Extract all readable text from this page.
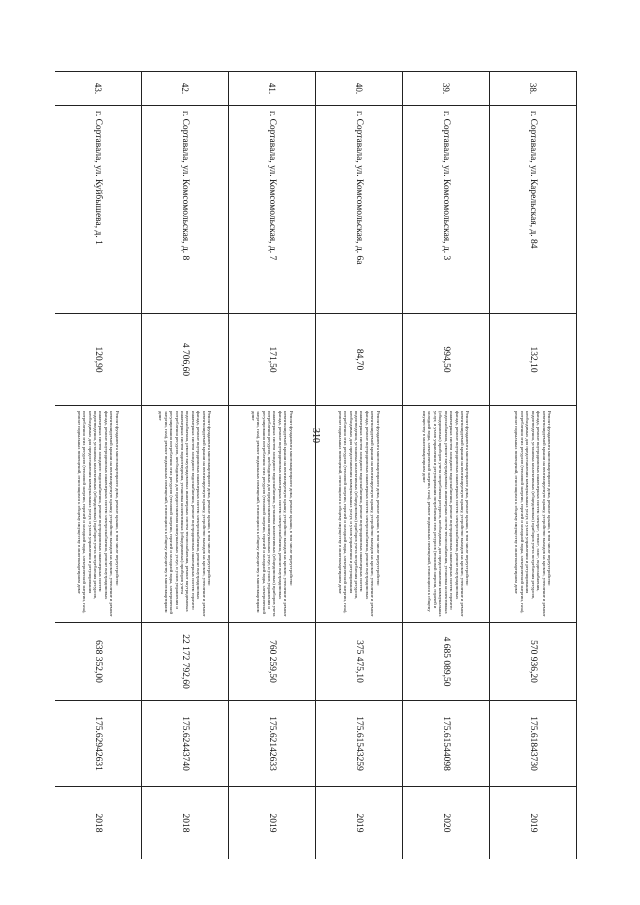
310
38.	г. Сортавала, ул. Карельская, д. 84	132,10	Ремонт фундамента многоквартирного дома, ремонт крыши, в том числе переустройство невентилируемой крыши на вентилируемую крышу, устройство выходов на кровлю, утепление и ремонт фасада, ремонт внутридомовых инженерных систем электро-, тепло-, газо-, водоснабжения, водоотведения, установка коллективных (общедомовых) приборов учета потребления ресурсов, необходимых для предоставления коммунальных услуг, и узлов управления и регулирования потребления этих ресурсов (тепловой энергии, горячей и холодной воды, электрической энергии, газа), ремонт подвальных помещений, относящихся к общему имуществу в многоквартирном доме	570 936,20	175.61843730	2019
39.	г. Сортавала, ул. Комсомольская, д. 3	994,50	Ремонт фундамента многоквартирного дома, ремонт крыши, в том числе переустройство невентилируемой крыши на вентилируемую крышу, устройство выходов на кровлю, утепление и ремонт фасада, ремонт внутридомовых инженерных систем электроснабжения, ремонт внутридомовых инженерных систем холодного водоснабжения, ремонт внутридомовых инженерных систем горячего водоснабжения, ремонт внутридомовых инженерных систем теплоснабжения, установка коллективных (общедомовых) приборов учета потребления ресурсов, необходимых для предоставления коммунальных услуг, и узлов управления и регулирования потребления этих ресурсов (тепловой энергии, горячей и холодной воды, электрической энергии, газа), ремонт подвальных помещений, относящихся к общему имуществу в многоквартирном доме	4 685 089,50	175.61544098	2020
40.	г. Сортавала, ул. Комсомольская, д. 6а	84,70	Ремонт фундамента многоквартирного дома, ремонт крыши, в том числе переустройство невентилируемой крыши на вентилируемую крышу, устройство выходов на кровлю, утепление и ремонт фасада, ремонт внутридомовых инженерных систем электроснабжения, ремонт внутридомовых инженерных систем холодного водоснабжения, ремонт внутридомовых инженерных систем водоотведения, установка коллективных (общедомовых) приборов учета потребления ресурсов, необходимых для предоставления коммунальных услуг, и узлов управления и регулирования потребления этих ресурсов (тепловой энергии, горячей и холодной воды, электрической энергии, газа), ремонт подвальных помещений, относящихся к общему имуществу в многоквартирном доме	375 475,10	175.61543259	2019
41.	г. Сортавала, ул. Комсомольская, д. 7	171,50	Ремонт фундамента многоквартирного дома, ремонт крыши, в том числе переустройство невентилируемой крыши на вентилируемую крышу, устройство выходов на кровлю, утепление и ремонт фасада, ремонт внутридомовых инженерных систем электроснабжения, ремонт внутридомовых инженерных систем холодного водоснабжения, установка коллективных (общедомовых) приборов учета потребления ресурсов, необходимых для предоставления коммунальных услуг, и узлов управления и регулирования потребления этих ресурсов (тепловой энергии, горячей и холодной воды, электрической энергии, газа), ремонт подвальных помещений, относящихся к общему имуществу в многоквартирном доме	760 259,50	175.62142633	2019
42.	г. Сортавала, ул. Комсомольская, д. 8	4 706,60	Ремонт фундамента многоквартирного дома, ремонт крыши, в том числе переустройство невентилируемой крыши на вентилируемую крышу, устройство выходов на кровлю, утепление и ремонт фасада, ремонт внутридомовых инженерных систем электроснабжения, ремонт внутридомовых инженерных систем холодного водоснабжения, ремонт внутридомовых инженерных систем горячего водоснабжения, ремонт внутридомовых инженерных систем теплоснабжения, ремонт внутридомовых инженерных систем водоотведения, установка коллективных (общедомовых) приборов учета потребления ресурсов, необходимых для предоставления коммунальных услуг, и узлов управления и регулирования потребления этих ресурсов (тепловой энергии, горячей и холодной воды, электрической энергии, газа), ремонт подвальных помещений, относящихся к общему имуществу в многоквартирном доме	22 172 792,60	175.62443740	2018
43.	г. Сортавала, ул. Куйбышева, д. 1	120,90	Ремонт фундамента многоквартирного дома, ремонт крыши, в том числе переустройство невентилируемой крыши на вентилируемую крышу, устройство выходов на кровлю, утепление и ремонт фасада, ремонт внутридомовых инженерных систем электроснабжения, ремонт внутридомовых инженерных систем холодного водоснабжения, ремонт внутридомовых инженерных систем водоотведения, установка коллективных (общедомовых) приборов учета потребления ресурсов, необходимых для предоставления коммунальных услуг, и узлов управления и регулирования потребления этих ресурсов (тепловой энергии, горячей и холодной воды, электрической энергии, газа), ремонт подвальных помещений, относящихся к общему имуществу в многоквартирном доме	638 352,00	175.62942631	2018
